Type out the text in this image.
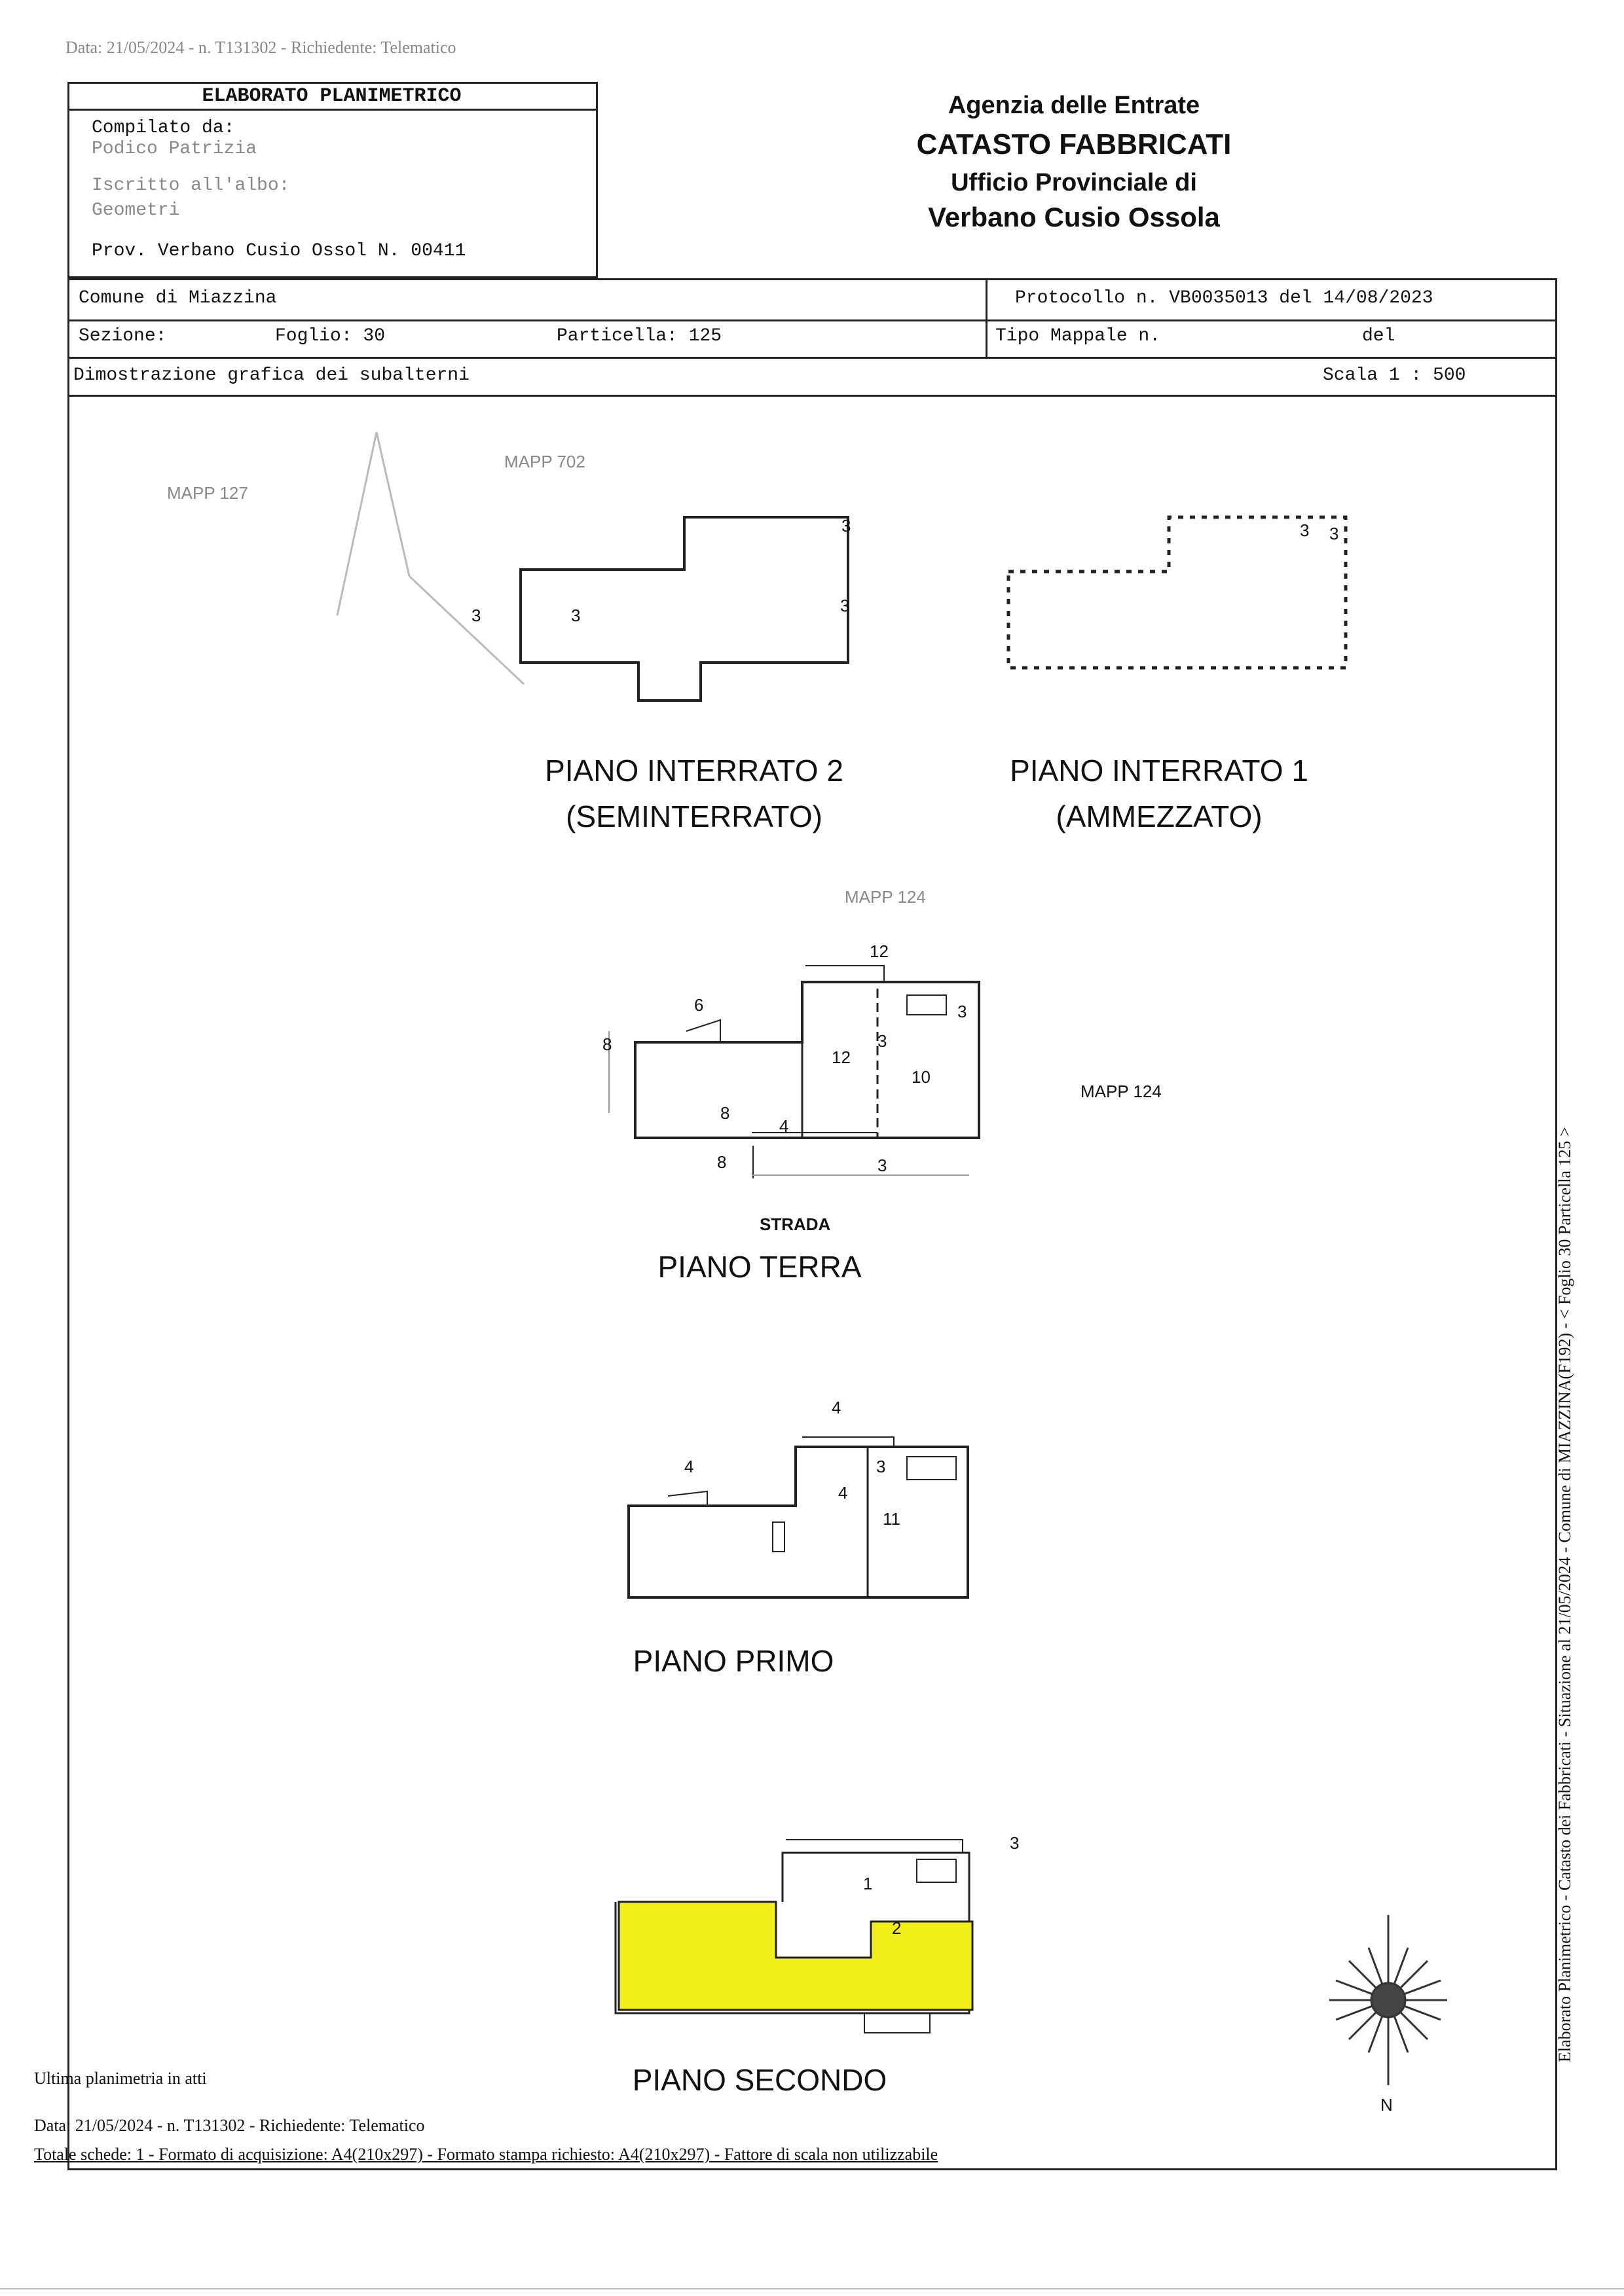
Data: 21/05/2024 - n. T131302 - Richiedente: Telematico
ELABORATO PLANIMETRICO
Compilato da:
Podico Patrizia
Iscritto all'albo:
Geometri
Prov. Verbano Cusio Ossol N. 00411
Agenzia delle Entrate
CATASTO FABBRICATI
Ufficio Provinciale di
Verbano Cusio Ossola
Comune di Miazzina
Sezione:	Foglio: 30	Particella: 125
Protocollo n. VB0035013 del 14/08/2023
Tipo Mappale n.	del
Dimostrazione grafica dei subalterni	Scala 1 : 500
MAPP 127
MAPP 702
MAPP 124
MAPP 124
STRADA
3
3	3	3
3 3
12
3
12
3
10
6
8
8
4
8	3
4
4	3
4
11
3
1
2
PIANO INTERRATO 2
(SEMINTERRATO)
PIANO INTERRATO 1
(AMMEZZATO)
PIANO TERRA
PIANO PRIMO
PIANO SECONDO
N
Ultima planimetria in atti
Data: 21/05/2024 - n. T131302 - Richiedente: Telematico
Totale schede: 1 - Formato di acquisizione: A4(210x297) - Formato stampa richiesto: A4(210x297) - Fattore di scala non utilizzabile
Elaborato Planimetrico - Catasto dei Fabbricati - Situazione al 21/05/2024 - Comune di MIAZZINA(F192) - < Foglio 30 Particella 125 >
